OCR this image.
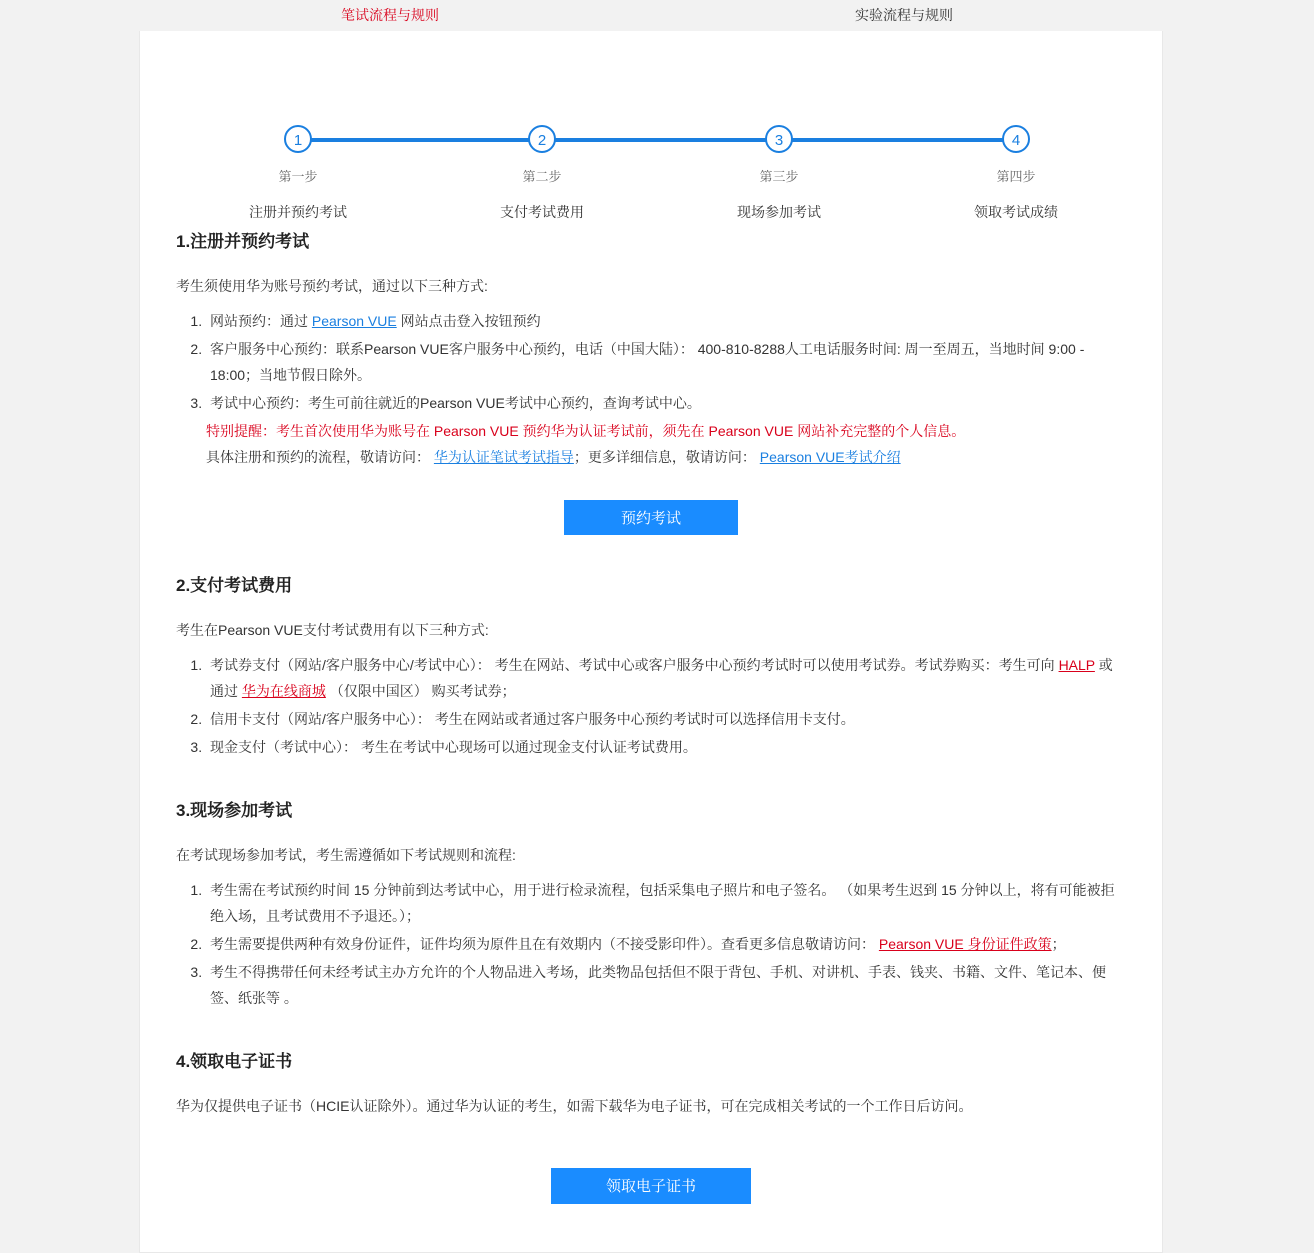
笔试流程与规则	实验流程与规则
1
第一步
注册并预约考试
2
第二步
支付考试费用
3
第三步
现场参加考试
4
第四步
领取考试成绩
1.注册并预约考试

考生须使用华为账号预约考试，通过以下三种方式:

1. 网站预约：通过 Pearson VUE 网站点击登入按钮预约
2. 客户服务中心预约：联系Pearson VUE客户服务中心预约，电话（中国大陆）： 400-810-8288人工电话服务时间: 周一至周五，当地时间 9:00 - 18:00；当地节假日除外。
3. 考试中心预约：考生可前往就近的Pearson VUE考试中心预约，查询考试中心。
特别提醒：考生首次使用华为账号在 Pearson VUE 预约华为认证考试前，须先在 Pearson VUE 网站补充完整的个人信息。
具体注册和预约的流程，敬请访问： 华为认证笔试考试指导；更多详细信息，敬请访问： Pearson VUE考试介绍
预约考试
2.支付考试费用

考生在Pearson VUE支付考试费用有以下三种方式:

1. 考试券支付（网站/客户服务中心/考试中心）： 考生在网站、考试中心或客户服务中心预约考试时可以使用考试券。考试券购买：考生可向 HALP 或通过 华为在线商城 （仅限中国区） 购买考试券；
2. 信用卡支付（网站/客户服务中心）： 考生在网站或者通过客户服务中心预约考试时可以选择信用卡支付。
3. 现金支付（考试中心）： 考生在考试中心现场可以通过现金支付认证考试费用。
3.现场参加考试

在考试现场参加考试，考生需遵循如下考试规则和流程:

1. 考生需在考试预约时间 15 分钟前到达考试中心，用于进行检录流程，包括采集电子照片和电子签名。 （如果考生迟到 15 分钟以上，将有可能被拒绝入场，且考试费用不予退还。）；
2. 考生需要提供两种有效身份证件，证件均须为原件且在有效期内（不接受影印件）。查看更多信息敬请访问： Pearson VUE 身份证件政策；
3. 考生不得携带任何未经考试主办方允许的个人物品进入考场，此类物品包括但不限于背包、手机、对讲机、手表、钱夹、书籍、文件、笔记本、便签、纸张等 。
4.领取电子证书

华为仅提供电子证书（HCIE认证除外）。通过华为认证的考生，如需下载华为电子证书，可在完成相关考试的一个工作日后访问。

领取电子证书
